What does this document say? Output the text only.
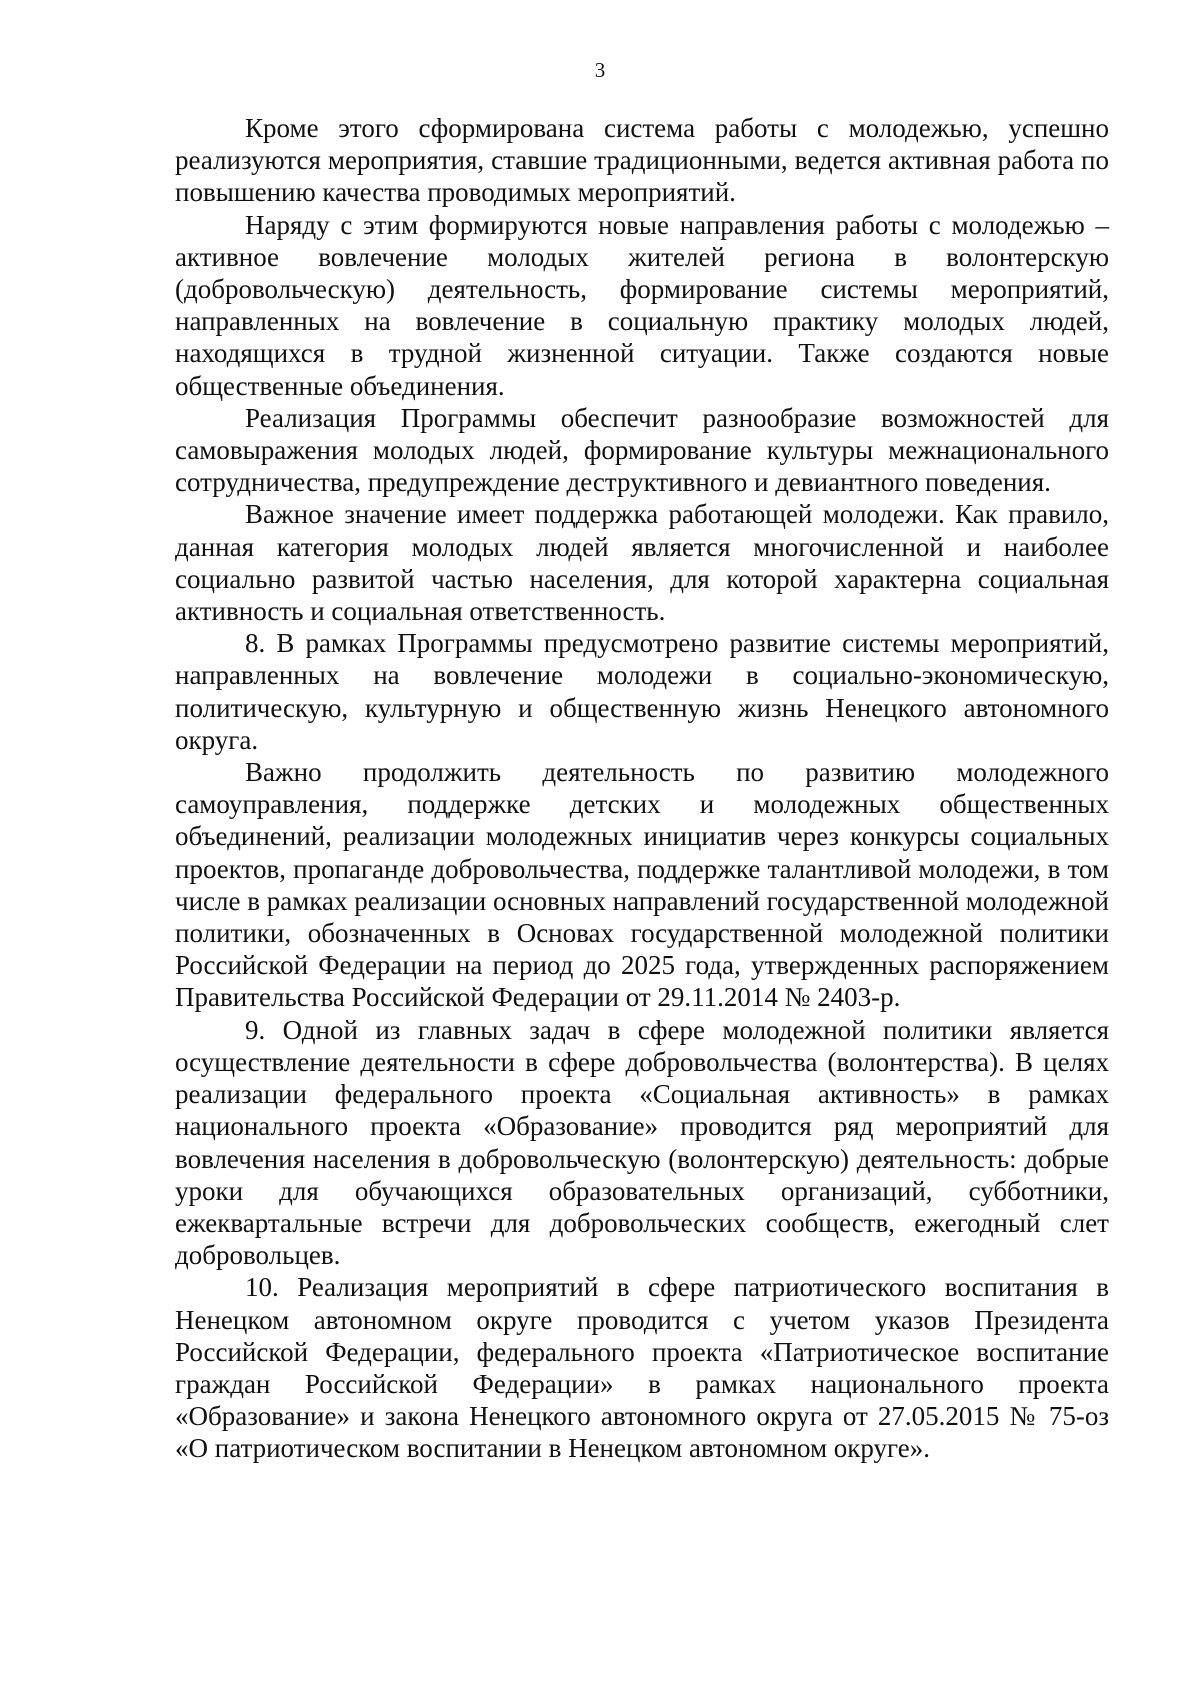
3

Кроме этого сформирована система работы с молодежью, успешно реализуются мероприятия, ставшие традиционными, ведется активная работа по повышению качества проводимых мероприятий.

Наряду с этим формируются новые направления работы с молодежью – активное вовлечение молодых жителей региона в волонтерскую (добровольческую) деятельность, формирование системы мероприятий, направленных на вовлечение в социальную практику молодых людей, находящихся в трудной жизненной ситуации. Также создаются новые общественные объединения.

Реализация Программы обеспечит разнообразие возможностей для самовыражения молодых людей, формирование культуры межнационального сотрудничества, предупреждение деструктивного и девиантного поведения.

Важное значение имеет поддержка работающей молодежи. Как правило, данная категория молодых людей является многочисленной и наиболее социально развитой частью населения, для которой характерна социальная активность и социальная ответственность.

8. В рамках Программы предусмотрено развитие системы мероприятий, направленных на вовлечение молодежи в социально-экономическую, политическую, культурную и общественную жизнь Ненецкого автономного округа.

Важно продолжить деятельность по развитию молодежного самоуправления, поддержке детских и молодежных общественных объединений, реализации молодежных инициатив через конкурсы социальных проектов, пропаганде добровольчества, поддержке талантливой молодежи, в том числе в рамках реализации основных направлений государственной молодежной политики, обозначенных в Основах государственной молодежной политики Российской Федерации на период до 2025 года, утвержденных распоряжением Правительства Российской Федерации от 29.11.2014 № 2403-р.

9. Одной из главных задач в сфере молодежной политики является осуществление деятельности в сфере добровольчества (волонтерства). В целях реализации федерального проекта «Социальная активность» в рамках национального проекта «Образование» проводится ряд мероприятий для вовлечения населения в добровольческую (волонтерскую) деятельность: добрые уроки для обучающихся образовательных организаций, субботники, ежеквартальные встречи для добровольческих сообществ, ежегодный слет добровольцев.

10. Реализация мероприятий в сфере патриотического воспитания в Ненецком автономном округе проводится с учетом указов Президента Российской Федерации, федерального проекта «Патриотическое воспитание граждан Российской Федерации» в рамках национального проекта «Образование» и закона Ненецкого автономного округа от 27.05.2015 № 75-оз «О патриотическом воспитании в Ненецком автономном округе».
